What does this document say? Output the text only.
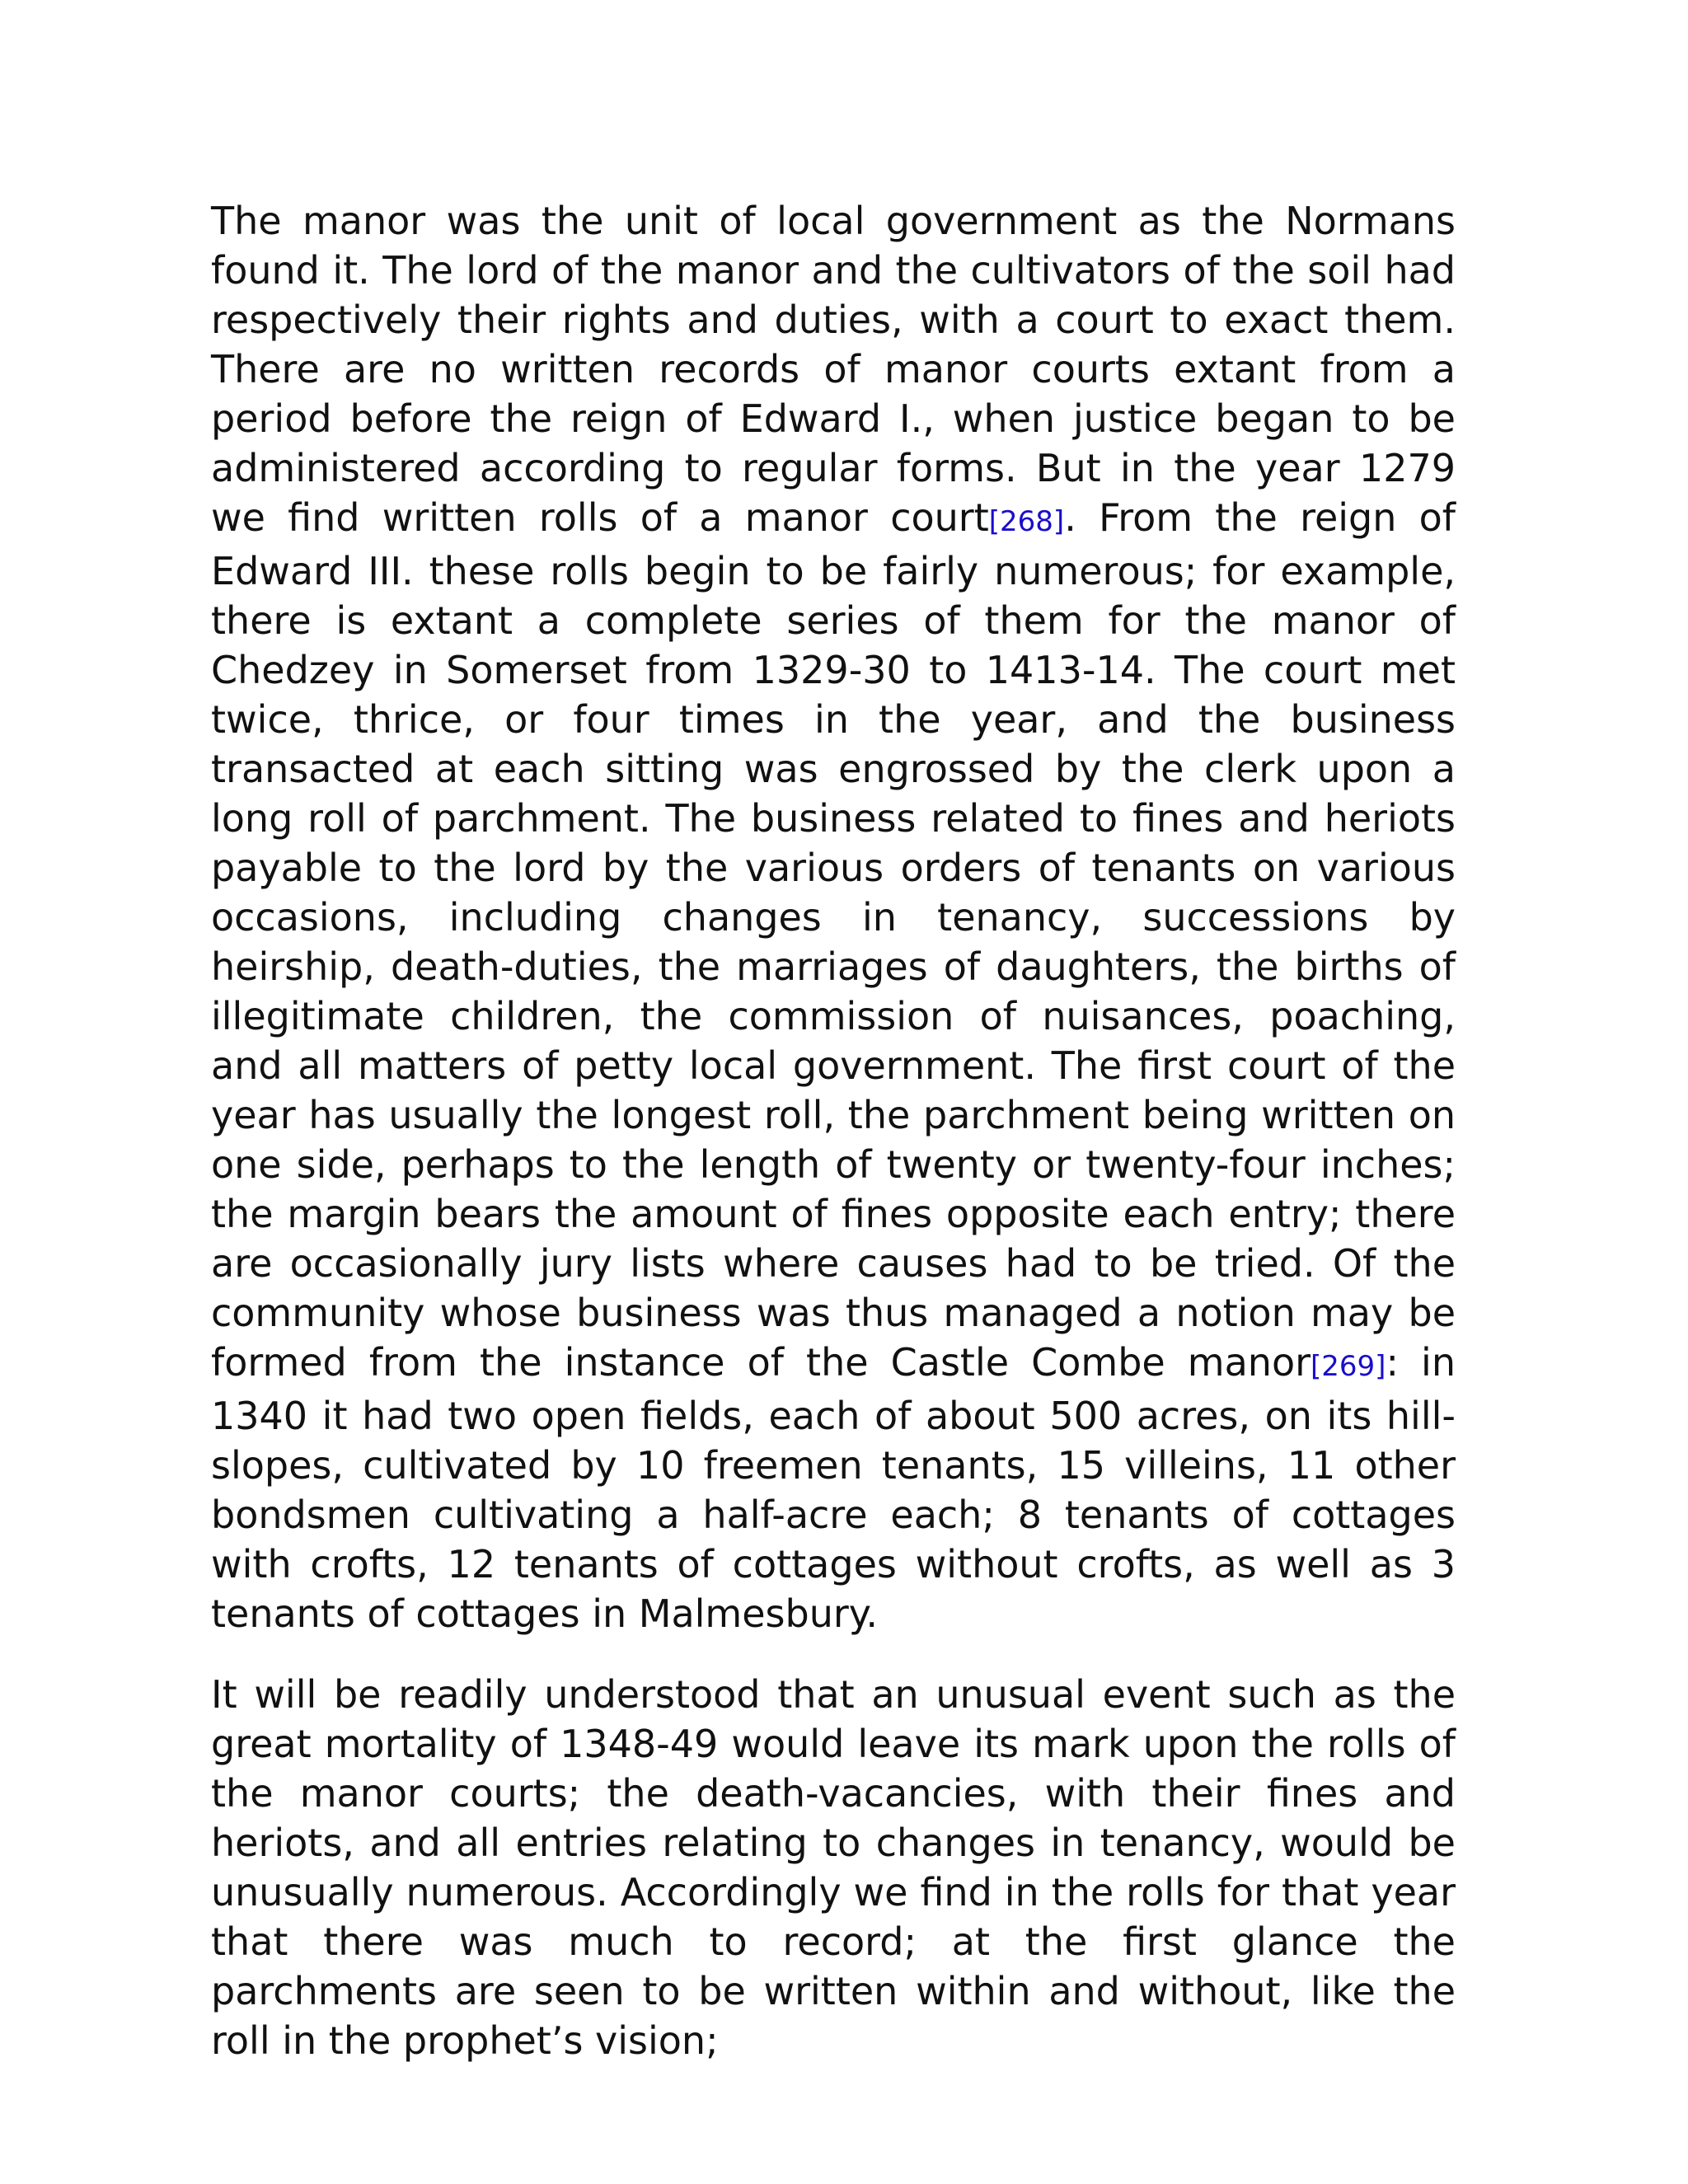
The manor was the unit of local government as the Normans found it. The lord of the manor and the cultivators of the soil had respectively their rights and duties, with a court to exact them. There are no written records of manor courts extant from a period before the reign of Edward I., when justice began to be administered according to regular forms. But in the year 1279 we find written rolls of a manor court[268]. From the reign of Edward III. these rolls begin to be fairly numerous; for example, there is extant a complete series of them for the manor of Chedzey in Somerset from 1329-30 to 1413-14. The court met twice, thrice, or four times in the year, and the business transacted at each sitting was engrossed by the clerk upon a long roll of parchment. The business related to fines and heriots payable to the lord by the various orders of tenants on various occasions, including changes in tenancy, successions by heirship, death-duties, the marriages of daughters, the births of illegitimate children, the commission of nuisances, poaching, and all matters of petty local government. The first court of the year has usually the longest roll, the parchment being written on one side, perhaps to the length of twenty or twenty-four inches; the margin bears the amount of fines opposite each entry; there are occasionally jury lists where causes had to be tried. Of the community whose business was thus managed a notion may be formed from the instance of the Castle Combe manor[269]: in 1340 it had two open fields, each of about 500 acres, on its hill-slopes, cultivated by 10 freemen tenants, 15 villeins, 11 other bondsmen cultivating a half-acre each; 8 tenants of cottages with crofts, 12 tenants of cottages without crofts, as well as 3 tenants of cottages in Malmesbury.

It will be readily understood that an unusual event such as the great mortality of 1348-49 would leave its mark upon the rolls of the manor courts; the death-vacancies, with their fines and heriots, and all entries relating to changes in tenancy, would be unusually numerous. Accordingly we find in the rolls for that year that there was much to record; at the first glance the parchments are seen to be written within and without, like the roll in the prophet’s vision;
